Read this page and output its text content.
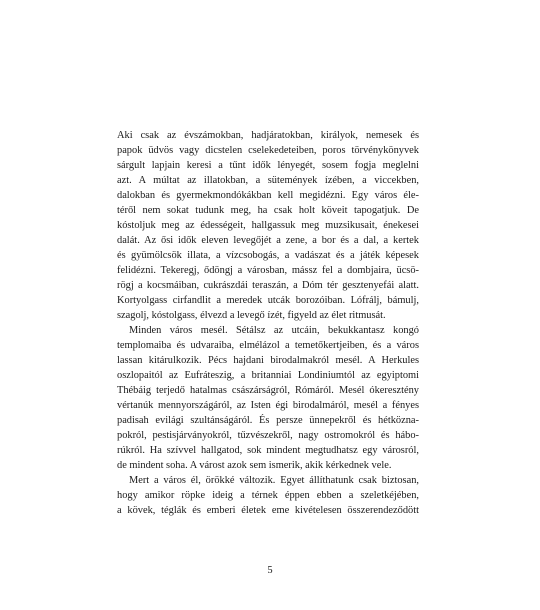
Aki csak az évszámokban, hadjáratokban, királyok, nemesek és
papok üdvös vagy dicstelen cselekedeteiben, poros törvénykönyvek
sárgult lapjain keresi a tűnt idők lényegét, sosem fogja meglelni
azt. A múltat az illatokban, a sütemények ízében, a viccekben,
dalokban és gyermekmondókákban kell megidézni. Egy város éle-
téről nem sokat tudunk meg, ha csak holt köveit tapogatjuk. De
kóstoljuk meg az édességeit, hallgassuk meg muzsikusait, énekesei
dalát. Az ősi idők eleven levegőjét a zene, a bor és a dal, a kertek
és gyümölcsök illata, a vízcsobogás, a vadászat és a játék képesek
felidézni. Tekeregj, ődöngj a városban, mássz fel a dombjaira, ücsö-
rögj a kocsmáiban, cukrászdái teraszán, a Dóm tér gesztenyefái alatt.
Kortyolgass cirfandlit a meredek utcák borozóiban. Lófrálj, bámulj,
szagolj, kóstolgass, élvezd a levegő ízét, figyeld az élet ritmusát.

Minden város mesél. Sétálsz az utcáin, bekukkantasz kongó
templomaiba és udvaraiba, elmélázol a temetőkertjeiben, és a város
lassan kitárulkozik. Pécs hajdani birodalmakról mesél. A Herkules
oszlopaitól az Eufráteszig, a britanniai Londiniumtól az egyiptomi
Thébáig terjedő hatalmas császárságról, Rómáról. Mesél ókeresztény
vértanúk mennyországáról, az Isten égi birodalmáról, mesél a fényes
padisah evilági szultánságáról. És persze ünnepekről és hétközna-
pokról, pestisjárványokról, tűzvészekről, nagy ostromokról és hábo-
rúkról. Ha szívvel hallgatod, sok mindent megtudhatsz egy városról,
de mindent soha. A várost azok sem ismerik, akik kérkednek vele.

Mert a város él, örökké változik. Egyet állíthatunk csak biztosan,
hogy amikor röpke ideig a térnek éppen ebben a szeletkéjében,
a kövek, téglák és emberi életek eme kivételesen összerendeződött

5
